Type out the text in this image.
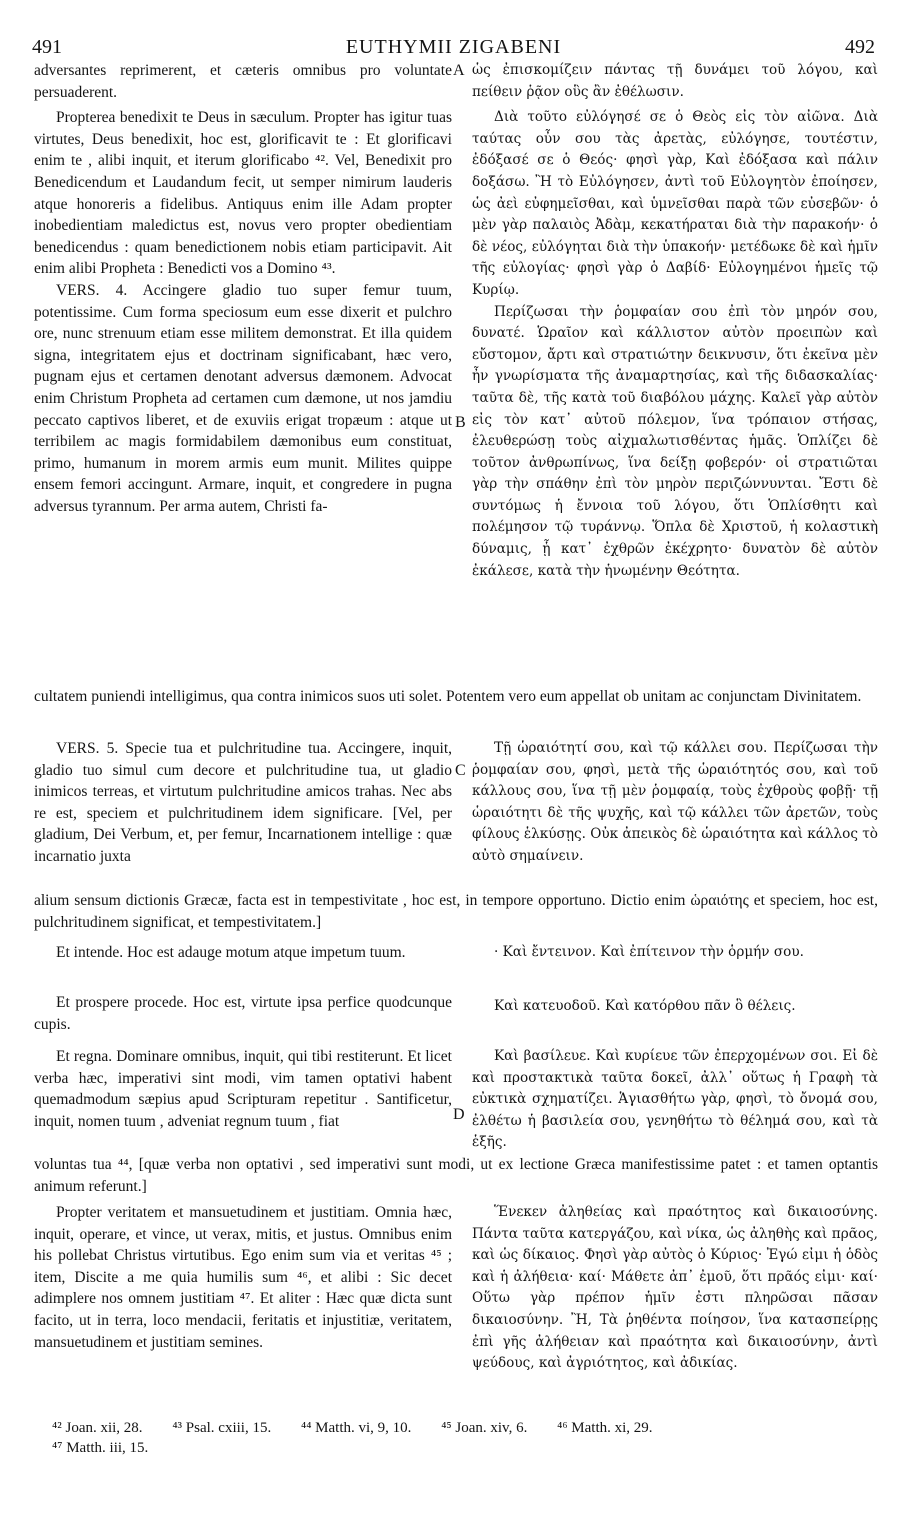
491	EUTHYMII ZIGABENI	492

adversantes reprimerent, et cæteris omnibus pro voluntate persuaderent.

Propterea benedixit te Deus in sæculum. Propter has igitur tuas virtutes, Deus benedixit, hoc est, glorificavit te : Et glorificavi enim te , alibi inquit, et iterum glorificabo ⁴². Vel, Benedixit pro Benedicendum et Laudandum fecit, ut semper nimirum lauderis atque honoreris a fidelibus. Antiquus enim ille Adam propter inobedientiam maledictus est, novus vero propter obedientiam benedicendus : quam benedictionem nobis etiam participavit. Ait enim alibi Propheta : Benedicti vos a Domino ⁴³.

VERS. 4. Accingere gladio tuo super femur tuum, potentissime. Cum forma speciosum eum esse dixerit et pulchro ore, nunc strenuum etiam esse militem demonstrat. Et illa quidem signa, integritatem ejus et doctrinam significabant, hæc vero, pugnam ejus et certamen denotant adversus dæmonem. Advocat enim Christum Propheta ad certamen cum dæmone, ut nos jamdiu peccato captivos liberet, et de exuviis erigat tropæum : atque ut terribilem ac magis formidabilem dæmonibus eum constituat, primo, humanum in morem armis eum munit. Milites quippe ensem femori accingunt. Armare, inquit, et congredere in pugna adversus tyrannum. Per arma autem, Christi fa-

ὡς ἐπισκομίζειν πάντας τῇ δυνάμει τοῦ λόγου, καὶ πείθειν ῥᾷον οὓς ἂν ἐθέλωσιν.

Διὰ τοῦτο εὐλόγησέ σε ὁ Θεὸς εἰς τὸν αἰῶνα. Διὰ ταύτας οὖν σου τὰς ἀρετὰς, εὐλόγησε, τουτέστιν, ἐδόξασέ σε ὁ Θεός· φησὶ γὰρ, Καὶ ἐδόξασα καὶ πάλιν δοξάσω. Ἢ τὸ Εὐλόγησεν, ἀντὶ τοῦ Εὐλογητὸν ἐποίησεν, ὡς ἀεὶ εὐφημεῖσθαι, καὶ ὑμνεῖσθαι παρὰ τῶν εὐσεβῶν· ὁ μὲν γὰρ παλαιὸς Ἀδὰμ, κεκατήραται διὰ τὴν παρακοήν· ὁ δὲ νέος, εὐλόγηται διὰ τὴν ὑπακοήν· μετέδωκε δὲ καὶ ἡμῖν τῆς εὐλογίας· φησὶ γὰρ ὁ Δαβίδ· Εὐλογημένοι ἡμεῖς τῷ Κυρίῳ.

Περίζωσαι τὴν ῥομφαίαν σου ἐπὶ τὸν μηρόν σου, δυνατέ. Ὡραῖον καὶ κάλλιστον αὐτὸν προειπὼν καὶ εὔστομον, ἄρτι καὶ στρατιώτην δεικνυσιν, ὅτι ἐκεῖνα μὲν ἦν γνωρίσματα τῆς ἀναμαρτησίας, καὶ τῆς διδασκαλίας· ταῦτα δὲ, τῆς κατὰ τοῦ διαβόλου μάχης. Καλεῖ γὰρ αὐτὸν εἰς τὸν κατ᾽ αὐτοῦ πόλεμον, ἵνα τρόπαιον στήσας, ἐλευθερώσῃ τοὺς αἰχμαλωτισθέντας ἡμᾶς. Ὁπλίζει δὲ τοῦτον ἀνθρωπίνως, ἵνα δείξῃ φοβερόν· οἱ στρατιῶται γὰρ τὴν σπάθην ἐπὶ τὸν μηρὸν περιζώννυνται. Ἔστι δὲ συντόμως ἡ ἔννοια τοῦ λόγου, ὅτι Ὁπλίσθητι καὶ πολέμησον τῷ τυράννῳ. Ὅπλα δὲ Χριστοῦ, ἡ κολαστικὴ δύναμις, ᾗ κατ᾽ ἐχθρῶν ἐκέχρητο· δυνατὸν δὲ αὐτὸν ἐκάλεσε, κατὰ τὴν ἡνωμένην Θεότητα.

A
B

cultatem puniendi intelligimus, qua contra inimicos suos uti solet. Potentem vero eum appellat ob unitam ac conjunctam Divinitatem.

VERS. 5. Specie tua et pulchritudine tua. Accingere, inquit, gladio tuo simul cum decore et pulchritudine tua, ut gladio inimicos terreas, et virtutum pulchritudine amicos trahas. Nec abs re est, speciem et pulchritudinem idem significare. [Vel, per gladium, Dei Verbum, et, per femur, Incarnationem intellige : quæ incarnatio juxta

Τῇ ὡραιότητί σου, καὶ τῷ κάλλει σου. Περίζωσαι τὴν ῥομφαίαν σου, φησὶ, μετὰ τῆς ὡραιότητός σου, καὶ τοῦ κάλλους σου, ἵνα τῇ μὲν ῥομφαίᾳ, τοὺς ἐχθροὺς φοβῇ· τῇ ὡραιότητι δὲ τῆς ψυχῆς, καὶ τῷ κάλλει τῶν ἀρετῶν, τοὺς φίλους ἑλκύσῃς. Οὐκ ἀπεικὸς δὲ ὡραιότητα καὶ κάλλος τὸ αὐτὸ σημαίνειν.

C

alium sensum dictionis Græcæ, facta est in tempestivitate , hoc est, in tempore opportuno. Dictio enim ὡραιότης et speciem, hoc est, pulchritudinem significat, et tempestivitatem.]

Et intende. Hoc est adauge motum atque impetum tuum.	· Καὶ ἔντεινον. Καὶ ἐπίτεινον τὴν ὁρμήν σου.

Et prospere procede. Hoc est, virtute ipsa perfice quodcunque cupis.

Καὶ κατευοδοῦ. Καὶ κατόρθου πᾶν ὃ θέλεις.

Et regna. Dominare omnibus, inquit, qui tibi restiterunt. Et licet verba hæc, imperativi sint modi, vim tamen optativi habent quemadmodum sæpius apud Scripturam repetitur . Santificetur, inquit, nomen tuum , adveniat regnum tuum , fiat

Καὶ βασίλευε. Καὶ κυρίευε τῶν ἐπερχομένων σοι. Εἰ δὲ καὶ προστακτικὰ ταῦτα δοκεῖ, ἀλλ᾽ οὕτως ἡ Γραφὴ τὰ εὐκτικὰ σχηματίζει. Ἁγιασθήτω γὰρ, φησὶ, τὸ ὄνομά σου, ἐλθέτω ἡ βασιλεία σου, γενηθήτω τὸ θέλημά σου, καὶ τὰ ἑξῆς.

D

voluntas tua ⁴⁴, [quæ verba non optativi , sed imperativi sunt modi, ut ex lectione Græca manifestissime patet : et tamen optantis animum referunt.]

Propter veritatem et mansuetudinem et justitiam. Omnia hæc, inquit, operare, et vince, ut verax, mitis, et justus. Omnibus enim his pollebat Christus virtutibus. Ego enim sum via et veritas ⁴⁵ ; item, Discite a me quia humilis sum ⁴⁶, et alibi : Sic decet adimplere nos omnem justitiam ⁴⁷. Et aliter : Hæc quæ dicta sunt facito, ut in terra, loco mendacii, feritatis et injustitiæ, veritatem, mansuetudinem et justitiam semines.

Ἕνεκεν ἀληθείας καὶ πραότητος καὶ δικαιοσύνης. Πάντα ταῦτα κατεργάζου, καὶ νίκα, ὡς ἀληθὴς καὶ πρᾶος, καὶ ὡς δίκαιος. Φησὶ γὰρ αὐτὸς ὁ Κύριος· Ἐγώ εἰμι ἡ ὁδὸς καὶ ἡ ἀλήθεια· καί· Μάθετε ἀπ᾽ ἐμοῦ, ὅτι πρᾶός εἰμι· καί· Οὕτω γὰρ πρέπον ἡμῖν ἐστι πληρῶσαι πᾶσαν δικαιοσύνην. Ἢ, Τὰ ῥηθέντα ποίησον, ἵνα κατασπείρῃς ἐπὶ γῆς ἀλήθειαν καὶ πραότητα καὶ δικαιοσύνην, ἀντὶ ψεύδους, καὶ ἀγριότητος, καὶ ἀδικίας.

⁴² Joan. xii, 28. ⁴³ Psal. cxiii, 15. ⁴⁴ Matth. vi, 9, 10. ⁴⁵ Joan. xiv, 6. ⁴⁶ Matth. xi, 29.
⁴⁷ Matth. iii, 15.
